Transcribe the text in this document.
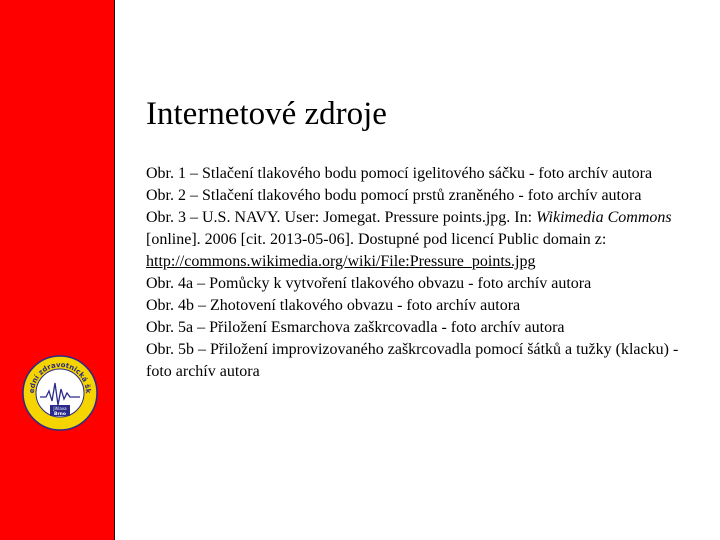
ední zdravotnická šk
Jihlava
Brno
Internetové zdroje

Obr. 1 – Stlačení tlakového bodu pomocí igelitového sáčku - foto archív autora

Obr. 2 – Stlačení tlakového bodu pomocí prstů zraněného - foto archív autora

Obr. 3 – U.S. NAVY. User: Jomegat. Pressure points.jpg. In: Wikimedia Commons [online]. 2006 [cit. 2013-05-06]. Dostupné pod licencí Public domain z:
http://commons.wikimedia.org/wiki/File:Pressure_points.jpg

Obr. 4a – Pomůcky k vytvoření tlakového obvazu - foto archív autora

Obr. 4b – Zhotovení tlakového obvazu - foto archív autora

Obr. 5a – Přiložení Esmarchova zaškrcovadla - foto archív autora

Obr. 5b – Přiložení improvizovaného zaškrcovadla pomocí šátků a tužky (klacku) - foto archív autora
